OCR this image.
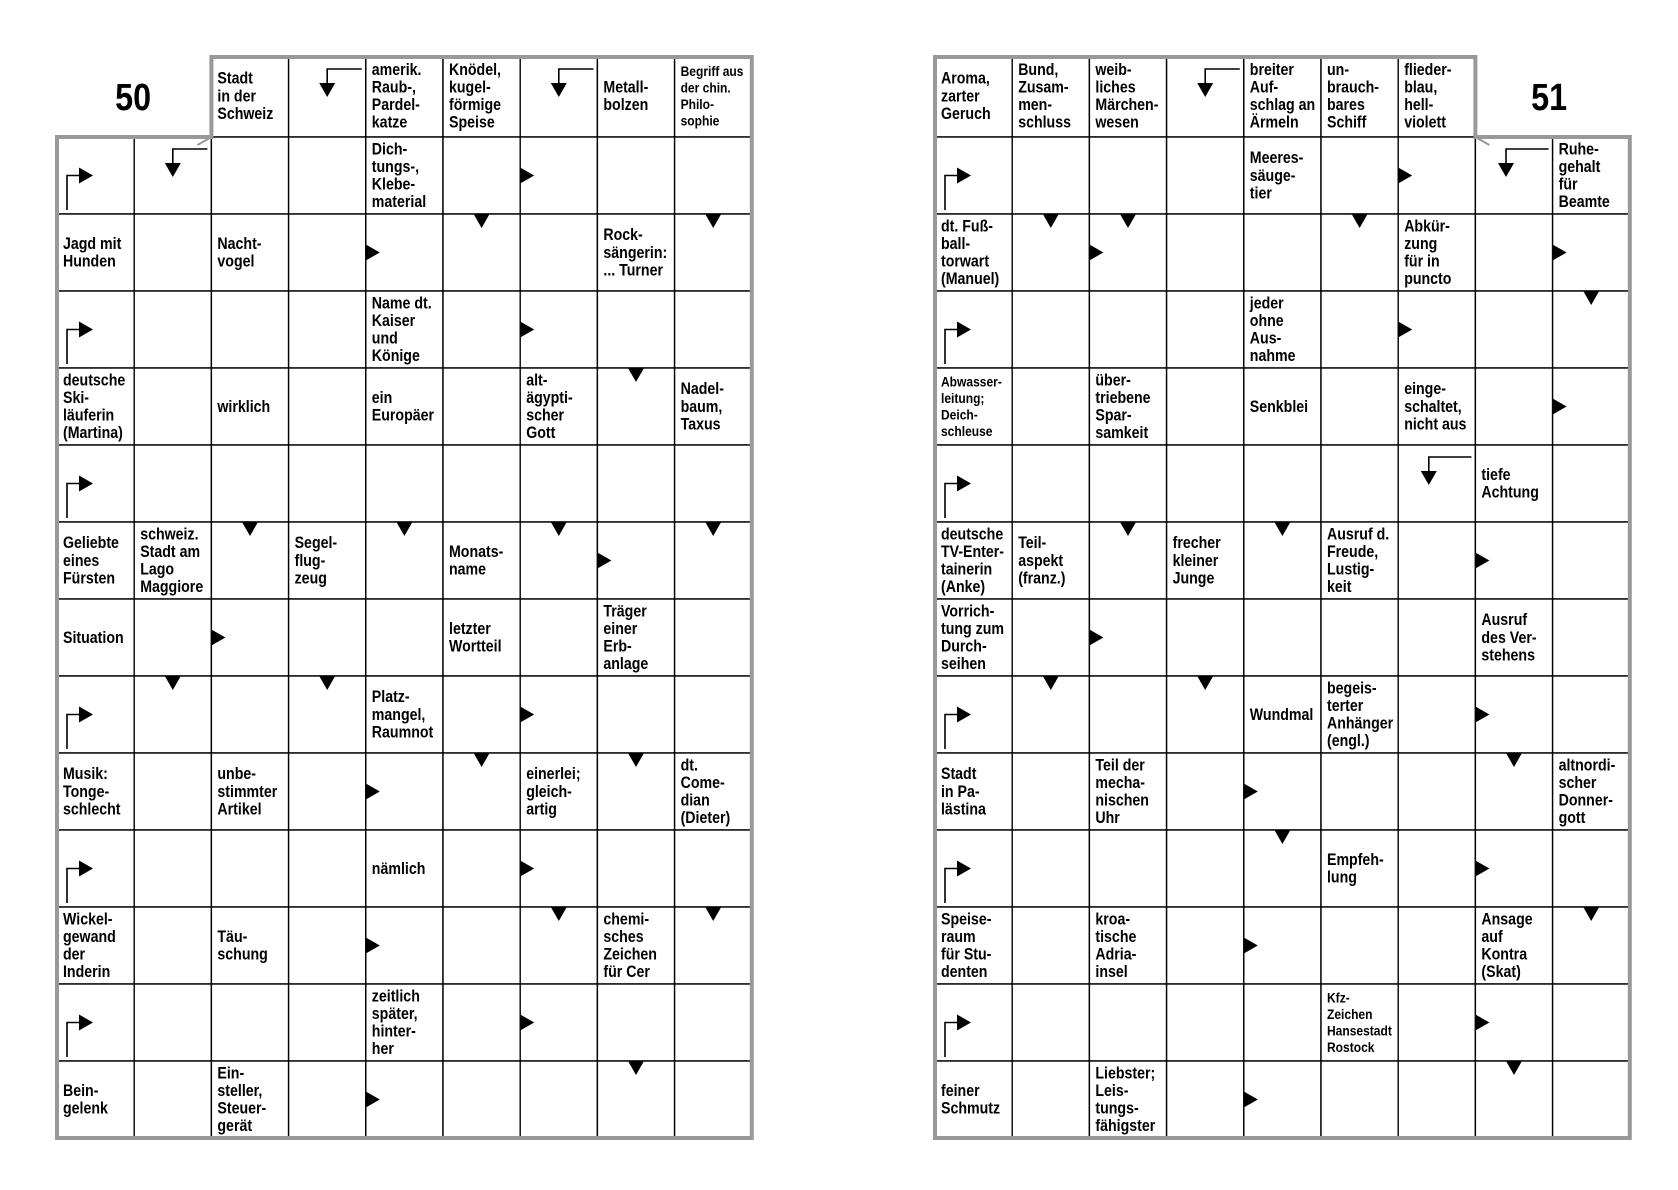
50	51
Stadt in der Schweiz
amerik. Raub-, Pardel-katze
Knödel, kugel-förmige Speise
Metall-bolzen
Begriff aus der chin. Philo-sophie
Dich-tungs-, Klebe-material
Jagd mit Hunden
Nacht-vogel
Rock-sängerin: ... Turner
Name dt. Kaiser und Könige
deutsche Ski-läuferin (Martina)
wirklich	ein Europäer
alt-ägypti-scher Gott
Nadel-baum, Taxus
Geliebte eines Fürsten
schweiz. Stadt am Lago Maggiore
Segel-flug-zeug
Monats-name
Situation	letzter Wortteil
Träger einer Erb-anlage
Platz-mangel, Raumnot
Musik: Tonge-schlecht
unbe-stimmter Artikel
einerlei; gleich-artig
dt. Come-dian (Dieter)
nämlich
Wickel-gewand der Inderin
Täu-schung
chemi-sches Zeichen für Cer
zeitlich später, hinter-her
Bein-gelenk
Ein-steller, Steuer-gerät
Aroma, zarter Geruch
Bund, Zusam-men-schluss
weib-liches Märchen-wesen
breiter Auf-schlag an Ärmeln
un-brauch-bares Schiff
flieder-blau, hell-violett
Meeres-säuge-tier
Ruhe-gehalt für Beamte
dt. Fuß-ball-torwart (Manuel)
Abkür-zung für in puncto
jeder ohne Aus-nahme
Abwasser-leitung; Deich-schleuse
über-triebene Spar-samkeit
Senkblei
einge-schaltet, nicht aus
tiefe Achtung
deutsche TV-Enter-tainerin (Anke)
Teil-aspekt (franz.)
frecher kleiner Junge
Ausruf d. Freude, Lustig-keit
Vorrich-tung zum Durch-seihen
Ausruf des Ver-stehens
Wundmal
begeis-terter Anhänger (engl.)
Stadt in Pa-lästina
Teil der mecha-nischen Uhr
altnordi-scher Donner-gott
Empfeh-lung
Speise-raum für Stu-denten
kroa-tische Adria-insel
Ansage auf Kontra (Skat)
Kfz-Zeichen Hansestadt Rostock
feiner Schmutz
Liebster; Leis-tungs-fähigster
